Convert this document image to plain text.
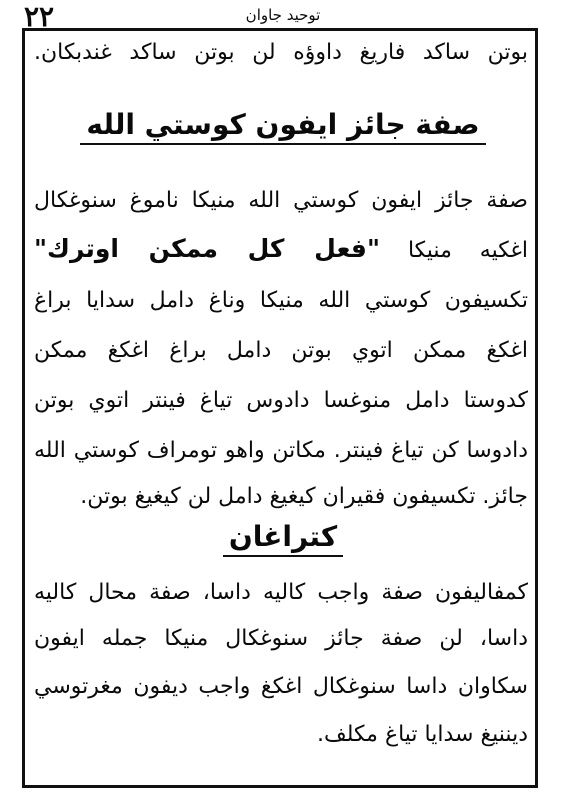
٢٢	توحيد جاوان
بوتن ساكد فاريغ داوؤه لن بوتن ساكد غندبكان.
صفة جائز ايفون كوستي الله
صفة جائز ايفون كوستي الله منيكا ناموغ سنوغكال
اغكيه منيكا "فعل كل ممكن اوترك"
تكسيفون كوستي الله منيكا وناغ دامل سدايا براغ
اغكغ ممكن اتوي بوتن دامل براغ اغكغ ممكن
كدوستا دامل منوغسا دادوس تياغ فينتر اتوي بوتن
دادوسا كن تياغ فينتر. مكاتن واهو تومراف كوستي الله
جائز. تكسيفون فقيران كيغيغ دامل لن كيغيغ بوتن.
كتراغان
كمفاليفون صفة واجب كاليه داسا، صفة محال كاليه
داسا، لن صفة جائز سنوغكال منيكا جمله ايفون
سكاوان داسا سنوغكال اغكغ واجب ديفون مغرتوسي
ديننيغ سدايا تياغ مكلف.
